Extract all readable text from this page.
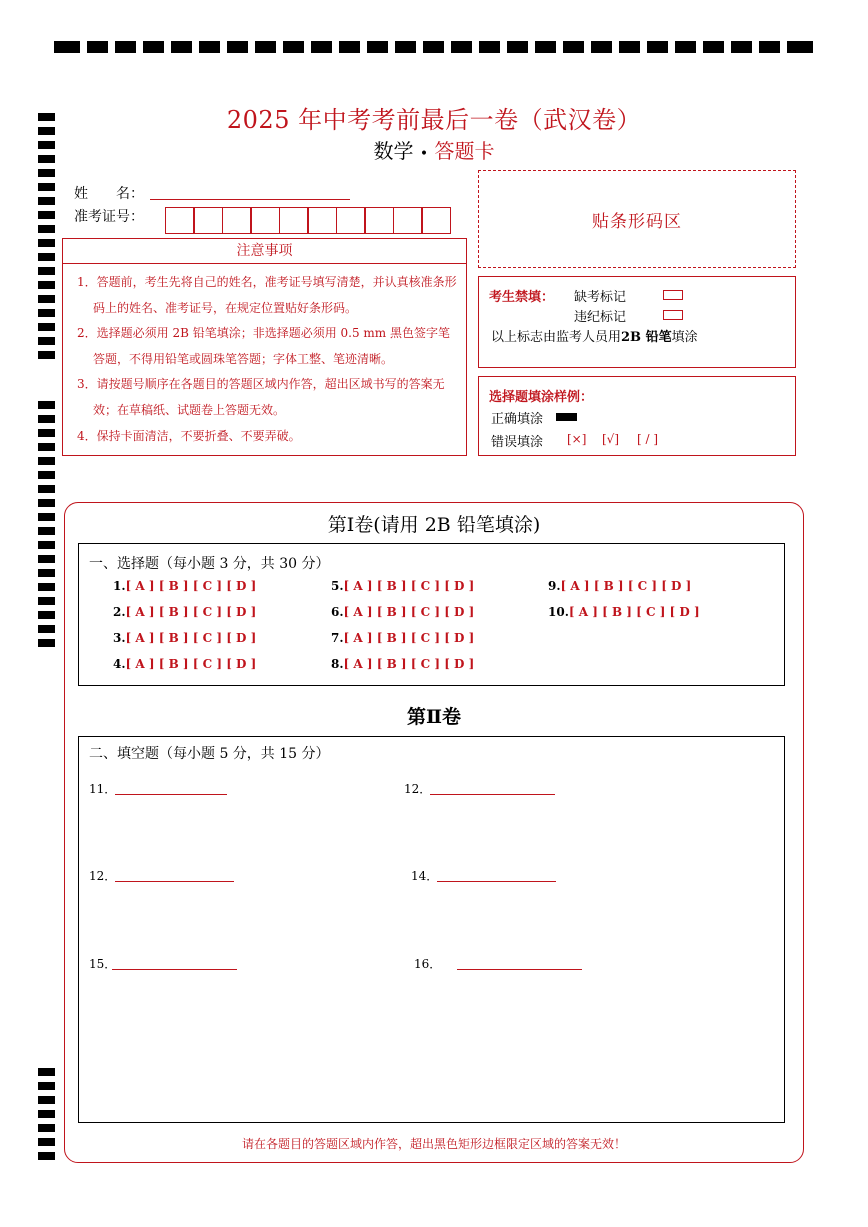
2025 年中考考前最后一卷（武汉卷）
数学 • 答题卡
姓　　名：
准考证号：	贴条形码区
注意事项
1．答题前，考生先将自己的姓名，准考证号填写清楚，并认真核准条形码上的姓名、准考证号，在规定位置贴好条形码。
2．选择题必须用 2B 铅笔填涂；非选择题必须用 0.5 mm 黑色签字笔答题，不得用铅笔或圆珠笔答题；字体工整、笔迹清晰。
3．请按题号顺序在各题目的答题区域内作答，超出区域书写的答案无效；在草稿纸、试题卷上答题无效。
4．保持卡面清洁，不要折叠、不要弄破。
考生禁填： 缺考标记
违纪标记
以上标志由监考人员用2B 铅笔填涂
选择题填涂样例：
正确填涂
错误填涂 [×] [√] [ / ]
第Ⅰ卷(请用 2B 铅笔填涂)
一、选择题（每小题 3 分，共 30 分）
1.[ A ] [ B ] [ C ] [ D ]
2.[ A ] [ B ] [ C ] [ D ]
3.[ A ] [ B ] [ C ] [ D ]
4.[ A ] [ B ] [ C ] [ D ]
5.[ A ] [ B ] [ C ] [ D ]
6.[ A ] [ B ] [ C ] [ D ]
7.[ A ] [ B ] [ C ] [ D ]
8.[ A ] [ B ] [ C ] [ D ]
9.[ A ] [ B ] [ C ] [ D ]
10.[ A ] [ B ] [ C ] [ D ]
第Ⅱ卷
二、填空题（每小题 5 分，共 15 分）
11．	12．
12．	14．
15．	16．
请在各题目的答题区域内作答，超出黑色矩形边框限定区域的答案无效！
